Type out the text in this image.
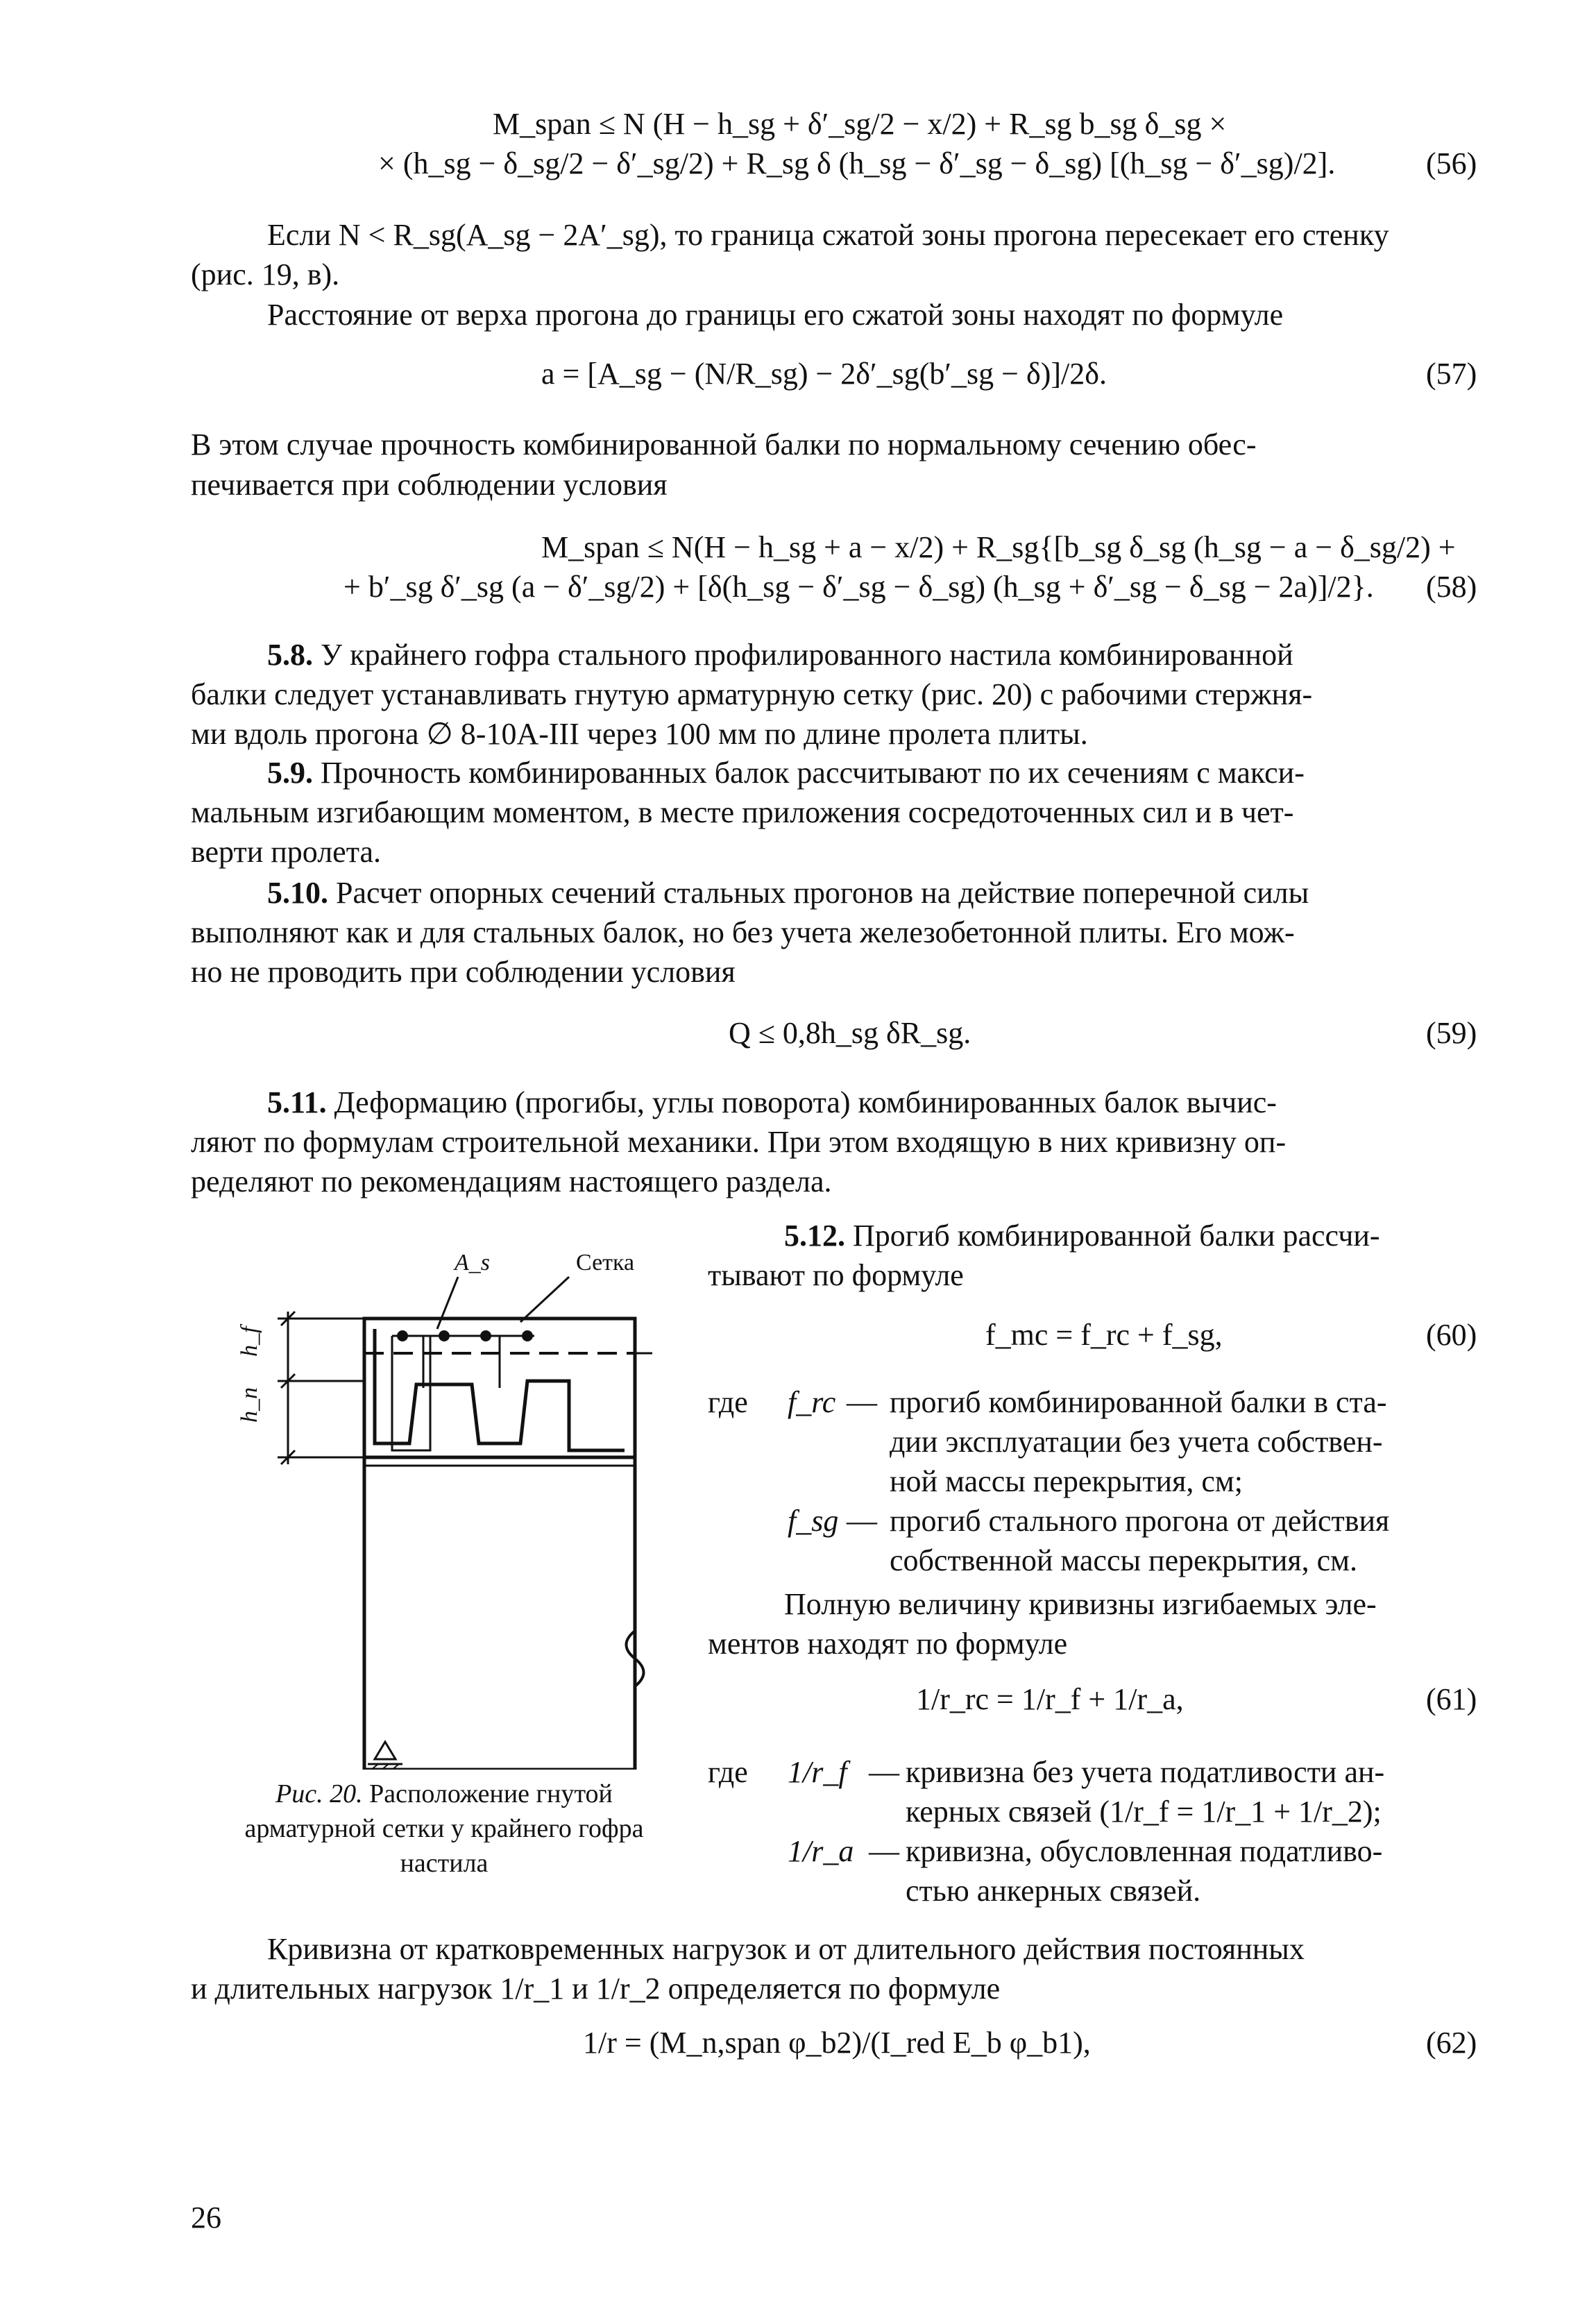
M_span ≤ N (H − h_sg + δ′_sg/2 − x/2) + R_sg b_sg δ_sg ×
× (h_sg − δ_sg/2 − δ′_sg/2) + R_sg δ (h_sg − δ′_sg − δ_sg) [(h_sg − δ′_sg)/2].	(56)
Если N < R_sg(A_sg − 2A′_sg), то граница сжатой зоны прогона пересекает его стенку
(рис. 19, в).
Расстояние от верха прогона до границы его сжатой зоны находят по формуле
a = [A_sg − (N/R_sg) − 2δ′_sg(b′_sg − δ)]/2δ.	(57)
В этом случае прочность комбинированной балки по нормальному сечению обес-
печивается при соблюдении условия
M_span ≤ N(H − h_sg + a − x/2) + R_sg{[b_sg δ_sg (h_sg − a − δ_sg/2) +
+ b′_sg δ′_sg (a − δ′_sg/2) + [δ(h_sg − δ′_sg − δ_sg) (h_sg + δ′_sg − δ_sg − 2a)]/2}. (58)
5.8. У крайнего гофра стального профилированного настила комбинированной
балки следует устанавливать гнутую арматурную сетку (рис. 20) с рабочими стержня-
ми вдоль прогона ∅ 8-10А-III через 100 мм по длине пролета плиты.
5.9. Прочность комбинированных балок рассчитывают по их сечениям с макси-
мальным изгибающим моментом, в месте приложения сосредоточенных сил и в чет-
верти пролета.
5.10. Расчет опорных сечений стальных прогонов на действие поперечной силы
выполняют как и для стальных балок, но без учета железобетонной плиты. Его мож-
но не проводить при соблюдении условия
Q ≤ 0,8h_sg δR_sg.	(59)
5.11. Деформацию (прогибы, углы поворота) комбинированных балок вычис-
ляют по формулам строительной механики. При этом входящую в них кривизну оп-
ределяют по рекомендациям настоящего раздела.
5.12. Прогиб комбинированной балки рассчи-
тывают по формуле
f_mc = f_rc + f_sg,	(60)
где f_rc — прогиб комбинированной балки в ста-
дии эксплуатации без учета собствен-
ной массы перекрытия, см;
f_sg — прогиб стального прогона от действия
собственной массы перекрытия, см.
Полную величину кривизны изгибаемых эле-
ментов находят по формуле
1/r_rc = 1/r_f + 1/r_a,	(61)
где 1/r_f — кривизна без учета податливости ан-
керных связей (1/r_f = 1/r_1 + 1/r_2);
1/r_a — кривизна, обусловленная податливо-
стью анкерных связей.
A_s	Сетка
h_f
h_n
Рис. 20. Расположение гнутой
арматурной сетки у крайнего гофра
настила
Кривизна от кратковременных нагрузок и от длительного действия постоянных
и длительных нагрузок 1/r_1 и 1/r_2 определяется по формуле
1/r = (M_n,span φ_b2)/(I_red E_b φ_b1),	(62)
26
